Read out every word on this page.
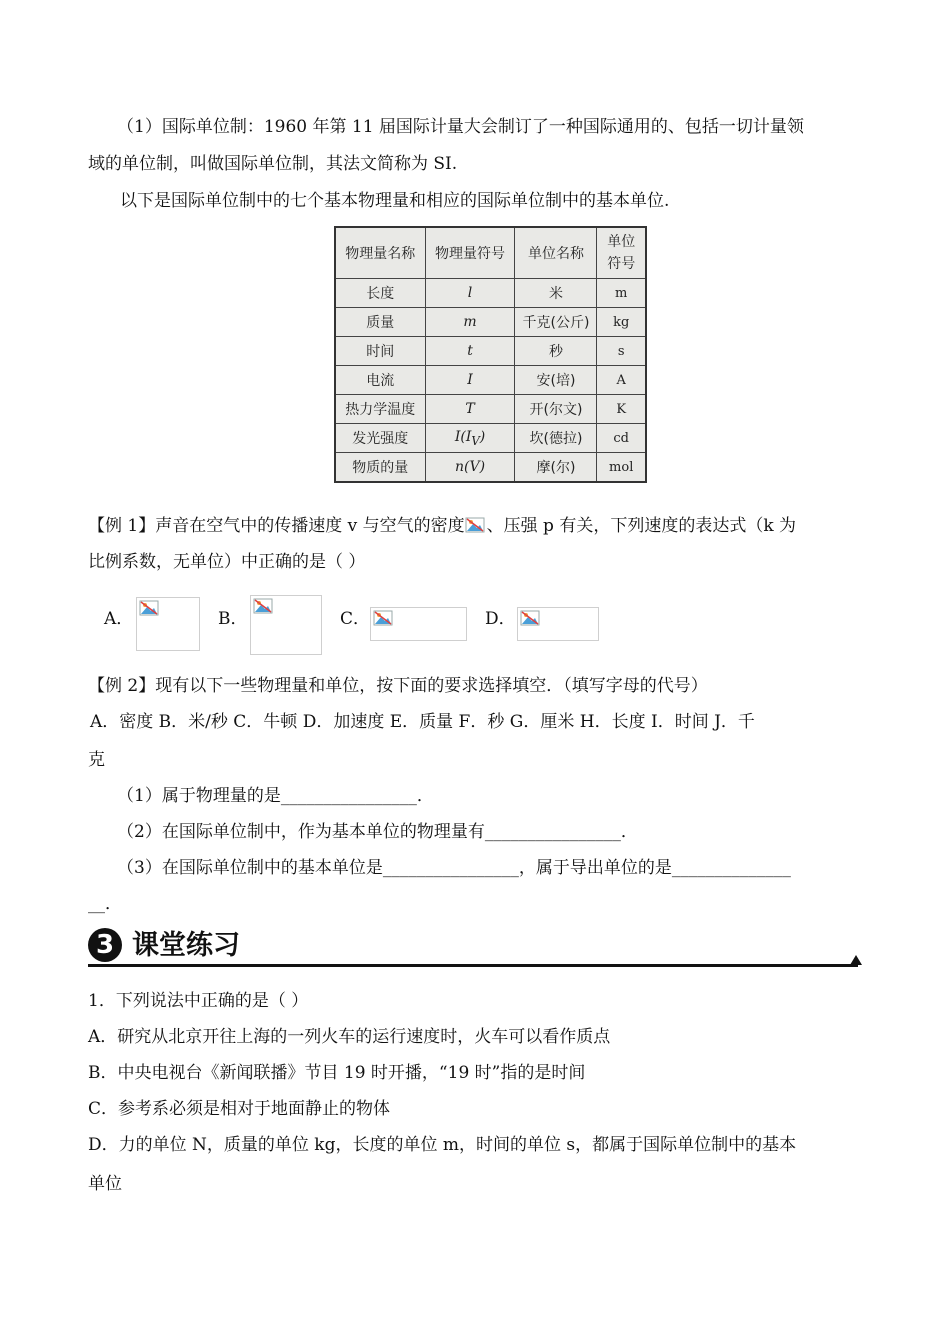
（1）国际单位制：1960 年第 11 届国际计量大会制订了一种国际通用的、包括一切计量领
域的单位制，叫做国际单位制，其法文简称为 SI.
以下是国际单位制中的七个基本物理量和相应的国际单位制中的基本单位.
物理量名称	物理量符号	单位名称	单位
符号
长度	l	米	m
质量	m	千克(公斤)	kg
时间	t	秒	s
电流	I	安(培)	A
热力学温度	T	开(尔文)	K
发光强度	$I(I_V)$	坎(德拉)	cd
物质的量	n(V)	摩(尔)	mol
【例 1】声音在空气中的传播速度 v 与空气的密度 、压强 p 有关，下列速度的表达式（k 为
比例系数，无单位）中正确的是（ ）
A．	B．	C．	D．
【例 2】现有以下一些物理量和单位，按下面的要求选择填空．（填写字母的代号）
A．密度 B．米/秒 C．牛顿 D．加速度 E．质量 F．秒 G．厘米 H．长度 I．时间 J．千
克
（1）属于物理量的是________________．
（2）在国际单位制中，作为基本单位的物理量有________________．
（3）在国际单位制中的基本单位是________________，属于导出单位的是______________
__．
3 课堂练习
1．下列说法中正确的是（ ）
A．研究从北京开往上海的一列火车的运行速度时，火车可以看作质点
B．中央电视台《新闻联播》节目 19 时开播，“19 时”指的是时间
C．参考系必须是相对于地面静止的物体
D．力的单位 N，质量的单位 kg，长度的单位 m，时间的单位 s，都属于国际单位制中的基本
单位
